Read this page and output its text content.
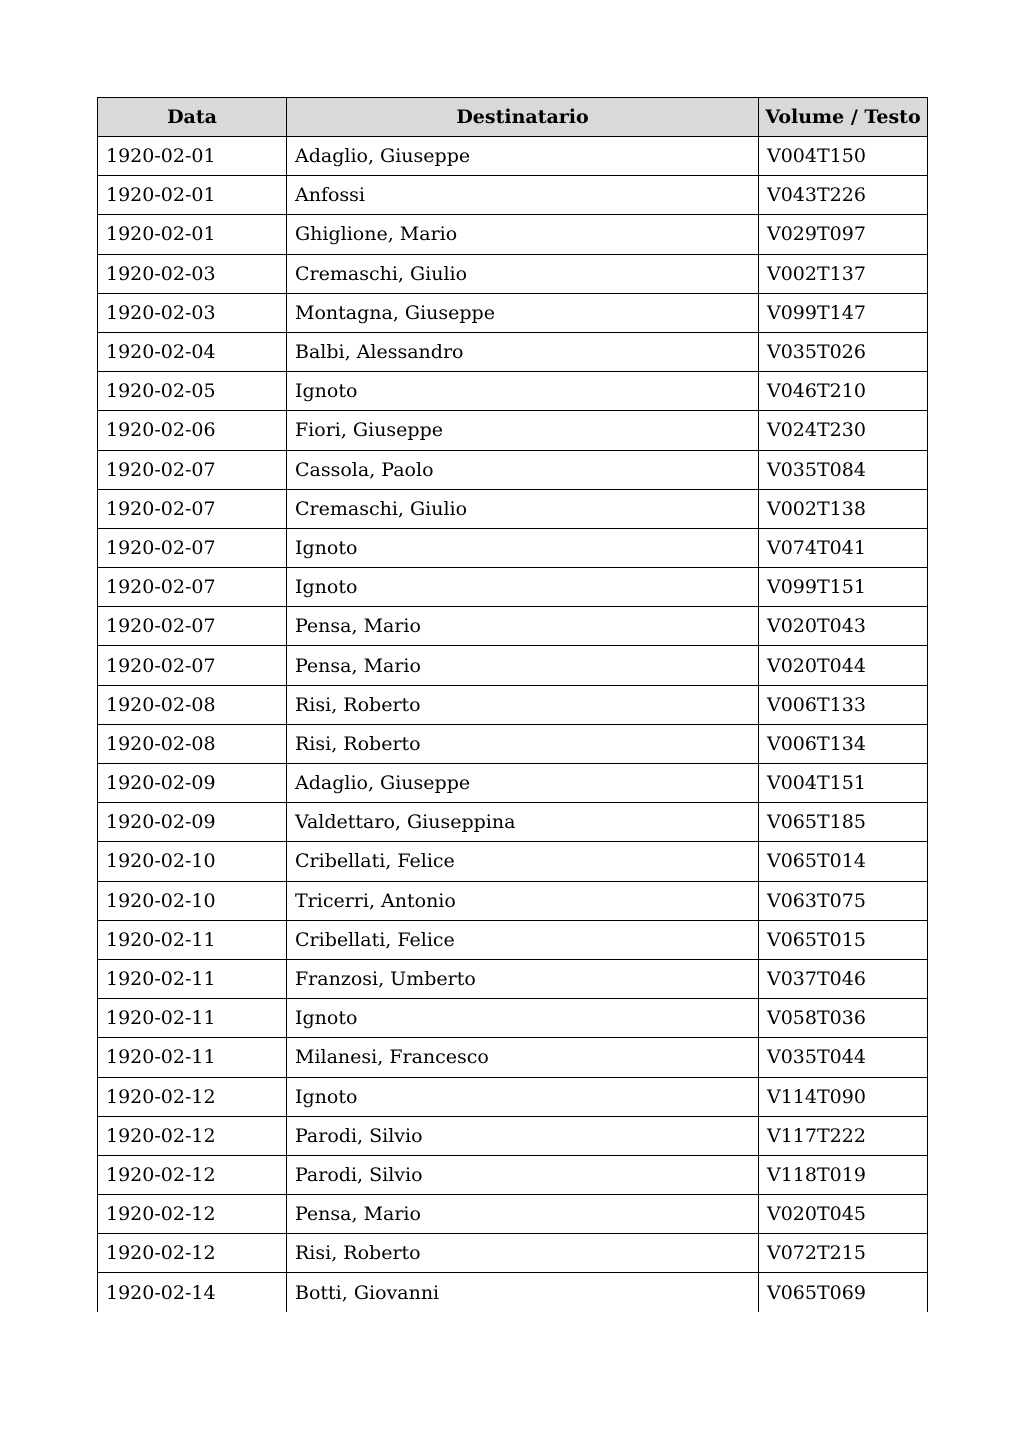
Data	Destinatario	Volume / Testo
1920-02-01	Adaglio, Giuseppe	V004T150
1920-02-01	Anfossi	V043T226
1920-02-01	Ghiglione, Mario	V029T097
1920-02-03	Cremaschi, Giulio	V002T137
1920-02-03	Montagna, Giuseppe	V099T147
1920-02-04	Balbi, Alessandro	V035T026
1920-02-05	Ignoto	V046T210
1920-02-06	Fiori, Giuseppe	V024T230
1920-02-07	Cassola, Paolo	V035T084
1920-02-07	Cremaschi, Giulio	V002T138
1920-02-07	Ignoto	V074T041
1920-02-07	Ignoto	V099T151
1920-02-07	Pensa, Mario	V020T043
1920-02-07	Pensa, Mario	V020T044
1920-02-08	Risi, Roberto	V006T133
1920-02-08	Risi, Roberto	V006T134
1920-02-09	Adaglio, Giuseppe	V004T151
1920-02-09	Valdettaro, Giuseppina	V065T185
1920-02-10	Cribellati, Felice	V065T014
1920-02-10	Tricerri, Antonio	V063T075
1920-02-11	Cribellati, Felice	V065T015
1920-02-11	Franzosi, Umberto	V037T046
1920-02-11	Ignoto	V058T036
1920-02-11	Milanesi, Francesco	V035T044
1920-02-12	Ignoto	V114T090
1920-02-12	Parodi, Silvio	V117T222
1920-02-12	Parodi, Silvio	V118T019
1920-02-12	Pensa, Mario	V020T045
1920-02-12	Risi, Roberto	V072T215
1920-02-14	Botti, Giovanni	V065T069
